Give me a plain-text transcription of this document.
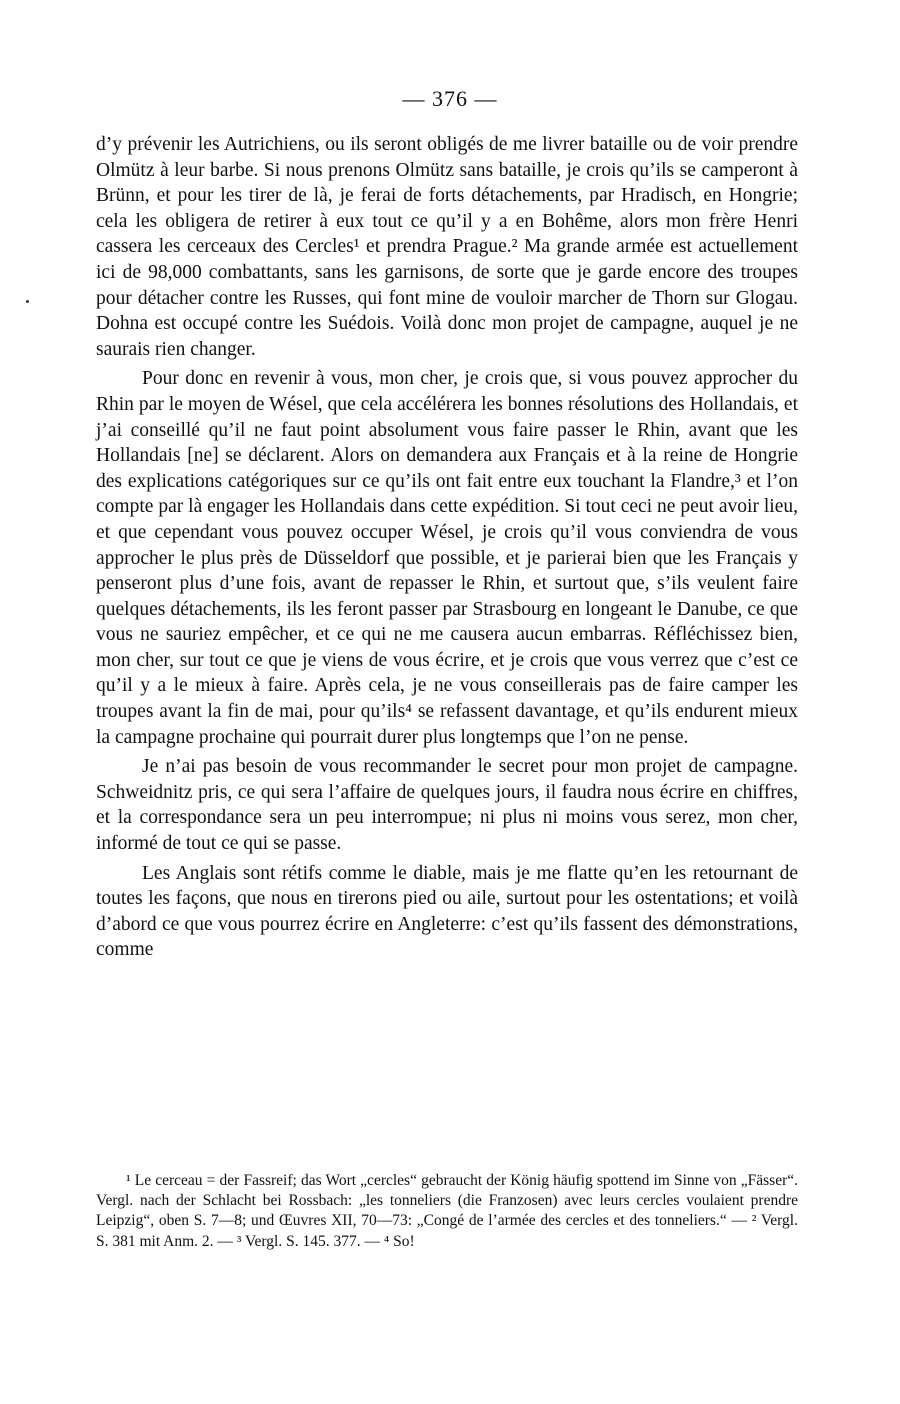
— 376 —

d’y prévenir les Autrichiens, ou ils seront obligés de me livrer bataille ou de voir prendre Olmütz à leur barbe. Si nous prenons Olmütz sans bataille, je crois qu’ils se camperont à Brünn, et pour les tirer de là, je ferai de forts détachements, par Hradisch, en Hongrie; cela les obligera de retirer à eux tout ce qu’il y a en Bohême, alors mon frère Henri cassera les cerceaux des Cercles¹ et prendra Prague.² Ma grande armée est actuellement ici de 98,000 combattants, sans les garnisons, de sorte que je garde encore des troupes pour détacher contre les Russes, qui font mine de vouloir marcher de Thorn sur Glogau. Dohna est occupé contre les Suédois. Voilà donc mon projet de campagne, auquel je ne saurais rien changer.

Pour donc en revenir à vous, mon cher, je crois que, si vous pouvez approcher du Rhin par le moyen de Wésel, que cela accélérera les bonnes résolutions des Hollandais, et j’ai conseillé qu’il ne faut point absolument vous faire passer le Rhin, avant que les Hollandais [ne] se déclarent. Alors on demandera aux Français et à la reine de Hongrie des explications catégoriques sur ce qu’ils ont fait entre eux touchant la Flandre,³ et l’on compte par là engager les Hollandais dans cette expédition. Si tout ceci ne peut avoir lieu, et que cependant vous pouvez occuper Wésel, je crois qu’il vous conviendra de vous approcher le plus près de Düsseldorf que possible, et je parierai bien que les Français y penseront plus d’une fois, avant de repasser le Rhin, et surtout que, s’ils veulent faire quelques détachements, ils les feront passer par Strasbourg en longeant le Danube, ce que vous ne sauriez empêcher, et ce qui ne me causera aucun embarras. Réfléchissez bien, mon cher, sur tout ce que je viens de vous écrire, et je crois que vous verrez que c’est ce qu’il y a le mieux à faire. Après cela, je ne vous conseillerais pas de faire camper les troupes avant la fin de mai, pour qu’ils⁴ se refassent davantage, et qu’ils endurent mieux la campagne prochaine qui pourrait durer plus longtemps que l’on ne pense.

Je n’ai pas besoin de vous recommander le secret pour mon projet de campagne. Schweidnitz pris, ce qui sera l’affaire de quelques jours, il faudra nous écrire en chiffres, et la correspondance sera un peu interrompue; ni plus ni moins vous serez, mon cher, informé de tout ce qui se passe.

Les Anglais sont rétifs comme le diable, mais je me flatte qu’en les retournant de toutes les façons, que nous en tirerons pied ou aile, surtout pour les ostentations; et voilà d’abord ce que vous pourrez écrire en Angleterre: c’est qu’ils fassent des démonstrations, comme

¹ Le cerceau = der Fassreif; das Wort „cercles“ gebraucht der König häufig spottend im Sinne von „Fässer“. Vergl. nach der Schlacht bei Rossbach: „les tonneliers (die Franzosen) avec leurs cercles voulaient prendre Leipzig“, oben S. 7—8; und Œuvres XII, 70—73: „Congé de l’armée des cercles et des tonneliers.“ — ² Vergl. S. 381 mit Anm. 2. — ³ Vergl. S. 145. 377. — ⁴ So!
